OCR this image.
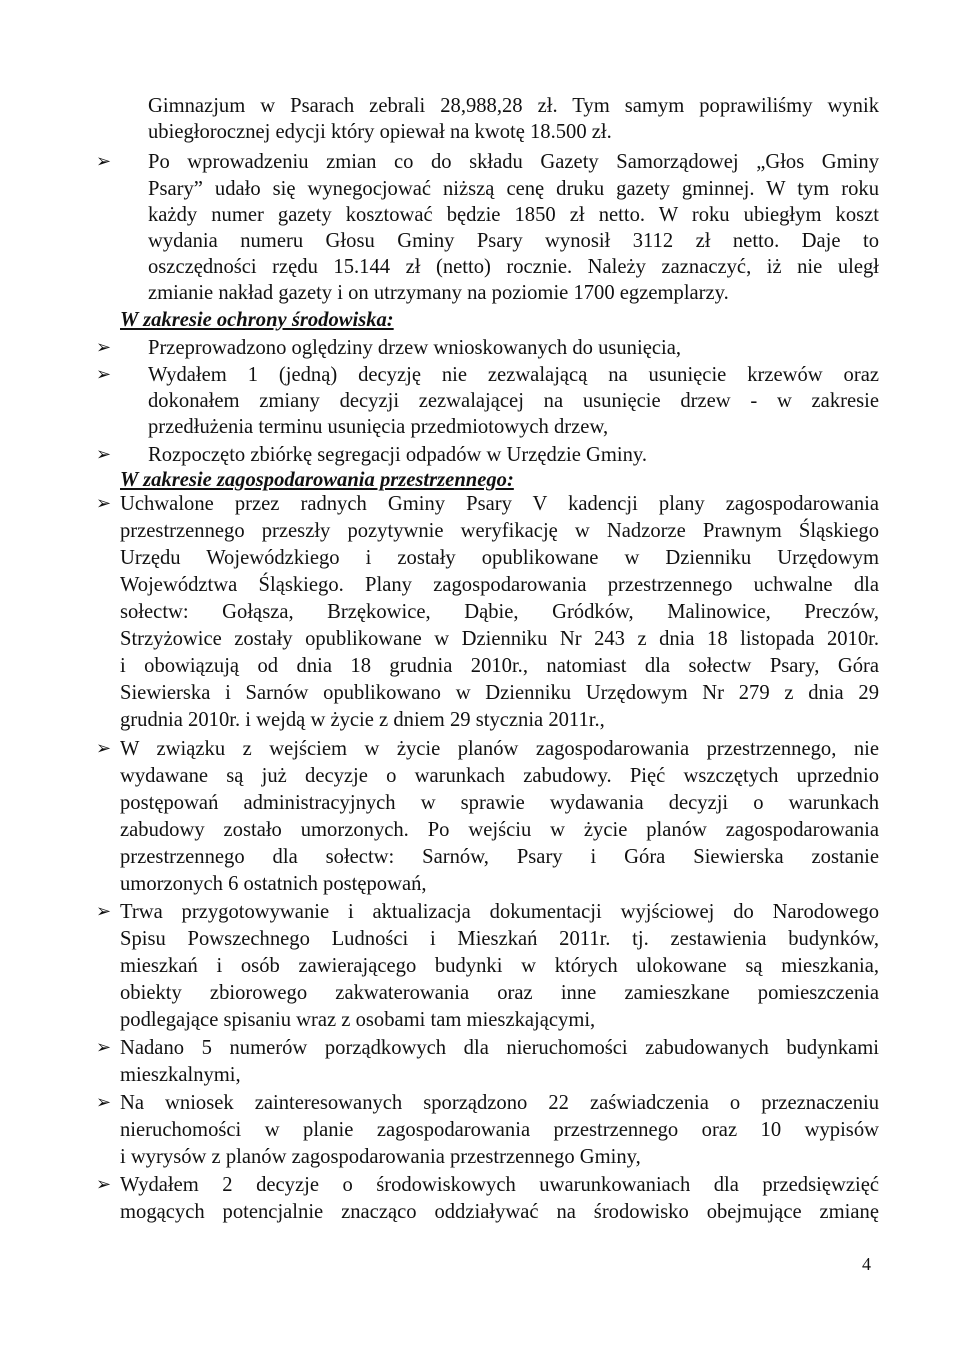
Gimnazjum w Psarach zebrali 28,988,28 zł. Tym samym poprawiliśmy wynik
ubiegłorocznej edycji który opiewał na kwotę 18.500 zł.
➢ Po wprowadzeniu zmian co do składu Gazety Samorządowej „Głos Gminy
Psary” udało się wynegocjować niższą cenę druku gazety gminnej. W tym roku
każdy numer gazety kosztować będzie 1850 zł netto. W roku ubiegłym koszt
wydania numeru Głosu Gminy Psary wynosił 3112 zł netto. Daje to
oszczędności rzędu 15.144 zł (netto) rocznie. Należy zaznaczyć, iż nie uległ
zmianie nakład gazety i on utrzymany na poziomie 1700 egzemplarzy.
W zakresie ochrony środowiska:
➢ Przeprowadzono oględziny drzew wnioskowanych do usunięcia,
➢ Wydałem 1 (jedną) decyzję nie zezwalającą na usunięcie krzewów oraz
dokonałem zmiany decyzji zezwalającej na usunięcie drzew - w zakresie
przedłużenia terminu usunięcia przedmiotowych drzew,
➢ Rozpoczęto zbiórkę segregacji odpadów w Urzędzie Gminy.
W zakresie zagospodarowania przestrzennego:
➢ Uchwalone przez radnych Gminy Psary V kadencji plany zagospodarowania
przestrzennego przeszły pozytywnie weryfikację w Nadzorze Prawnym Śląskiego
Urzędu Wojewódzkiego i zostały opublikowane w Dzienniku Urzędowym
Województwa Śląskiego. Plany zagospodarowania przestrzennego uchwalne dla
sołectw: Gołąsza, Brzękowice, Dąbie, Gródków, Malinowice, Preczów,
Strzyżowice zostały opublikowane w Dzienniku Nr 243 z dnia 18 listopada 2010r.
i obowiązują od dnia 18 grudnia 2010r., natomiast dla sołectw Psary, Góra
Siewierska i Sarnów opublikowano w Dzienniku Urzędowym Nr 279 z dnia 29
grudnia 2010r. i wejdą w życie z dniem 29 stycznia 2011r.,
➢ W związku z wejściem w życie planów zagospodarowania przestrzennego, nie
wydawane są już decyzje o warunkach zabudowy. Pięć wszczętych uprzednio
postępowań administracyjnych w sprawie wydawania decyzji o warunkach
zabudowy zostało umorzonych. Po wejściu w życie planów zagospodarowania
przestrzennego dla sołectw: Sarnów, Psary i Góra Siewierska zostanie
umorzonych 6 ostatnich postępowań,
➢ Trwa przygotowywanie i aktualizacja dokumentacji wyjściowej do Narodowego
Spisu Powszechnego Ludności i Mieszkań 2011r. tj. zestawienia budynków,
mieszkań i osób zawierającego budynki w których ulokowane są mieszkania,
obiekty zbiorowego zakwaterowania oraz inne zamieszkane pomieszczenia
podlegające spisaniu wraz z osobami tam mieszkającymi,
➢ Nadano 5 numerów porządkowych dla nieruchomości zabudowanych budynkami
mieszkalnymi,
➢ Na wniosek zainteresowanych sporządzono 22 zaświadczenia o przeznaczeniu
nieruchomości w planie zagospodarowania przestrzennego oraz 10 wypisów
i wyrysów z planów zagospodarowania przestrzennego Gminy,
➢ Wydałem 2 decyzje o środowiskowych uwarunkowaniach dla przedsięwzięć
mogących potencjalnie znacząco oddziaływać na środowisko obejmujące zmianę
4
